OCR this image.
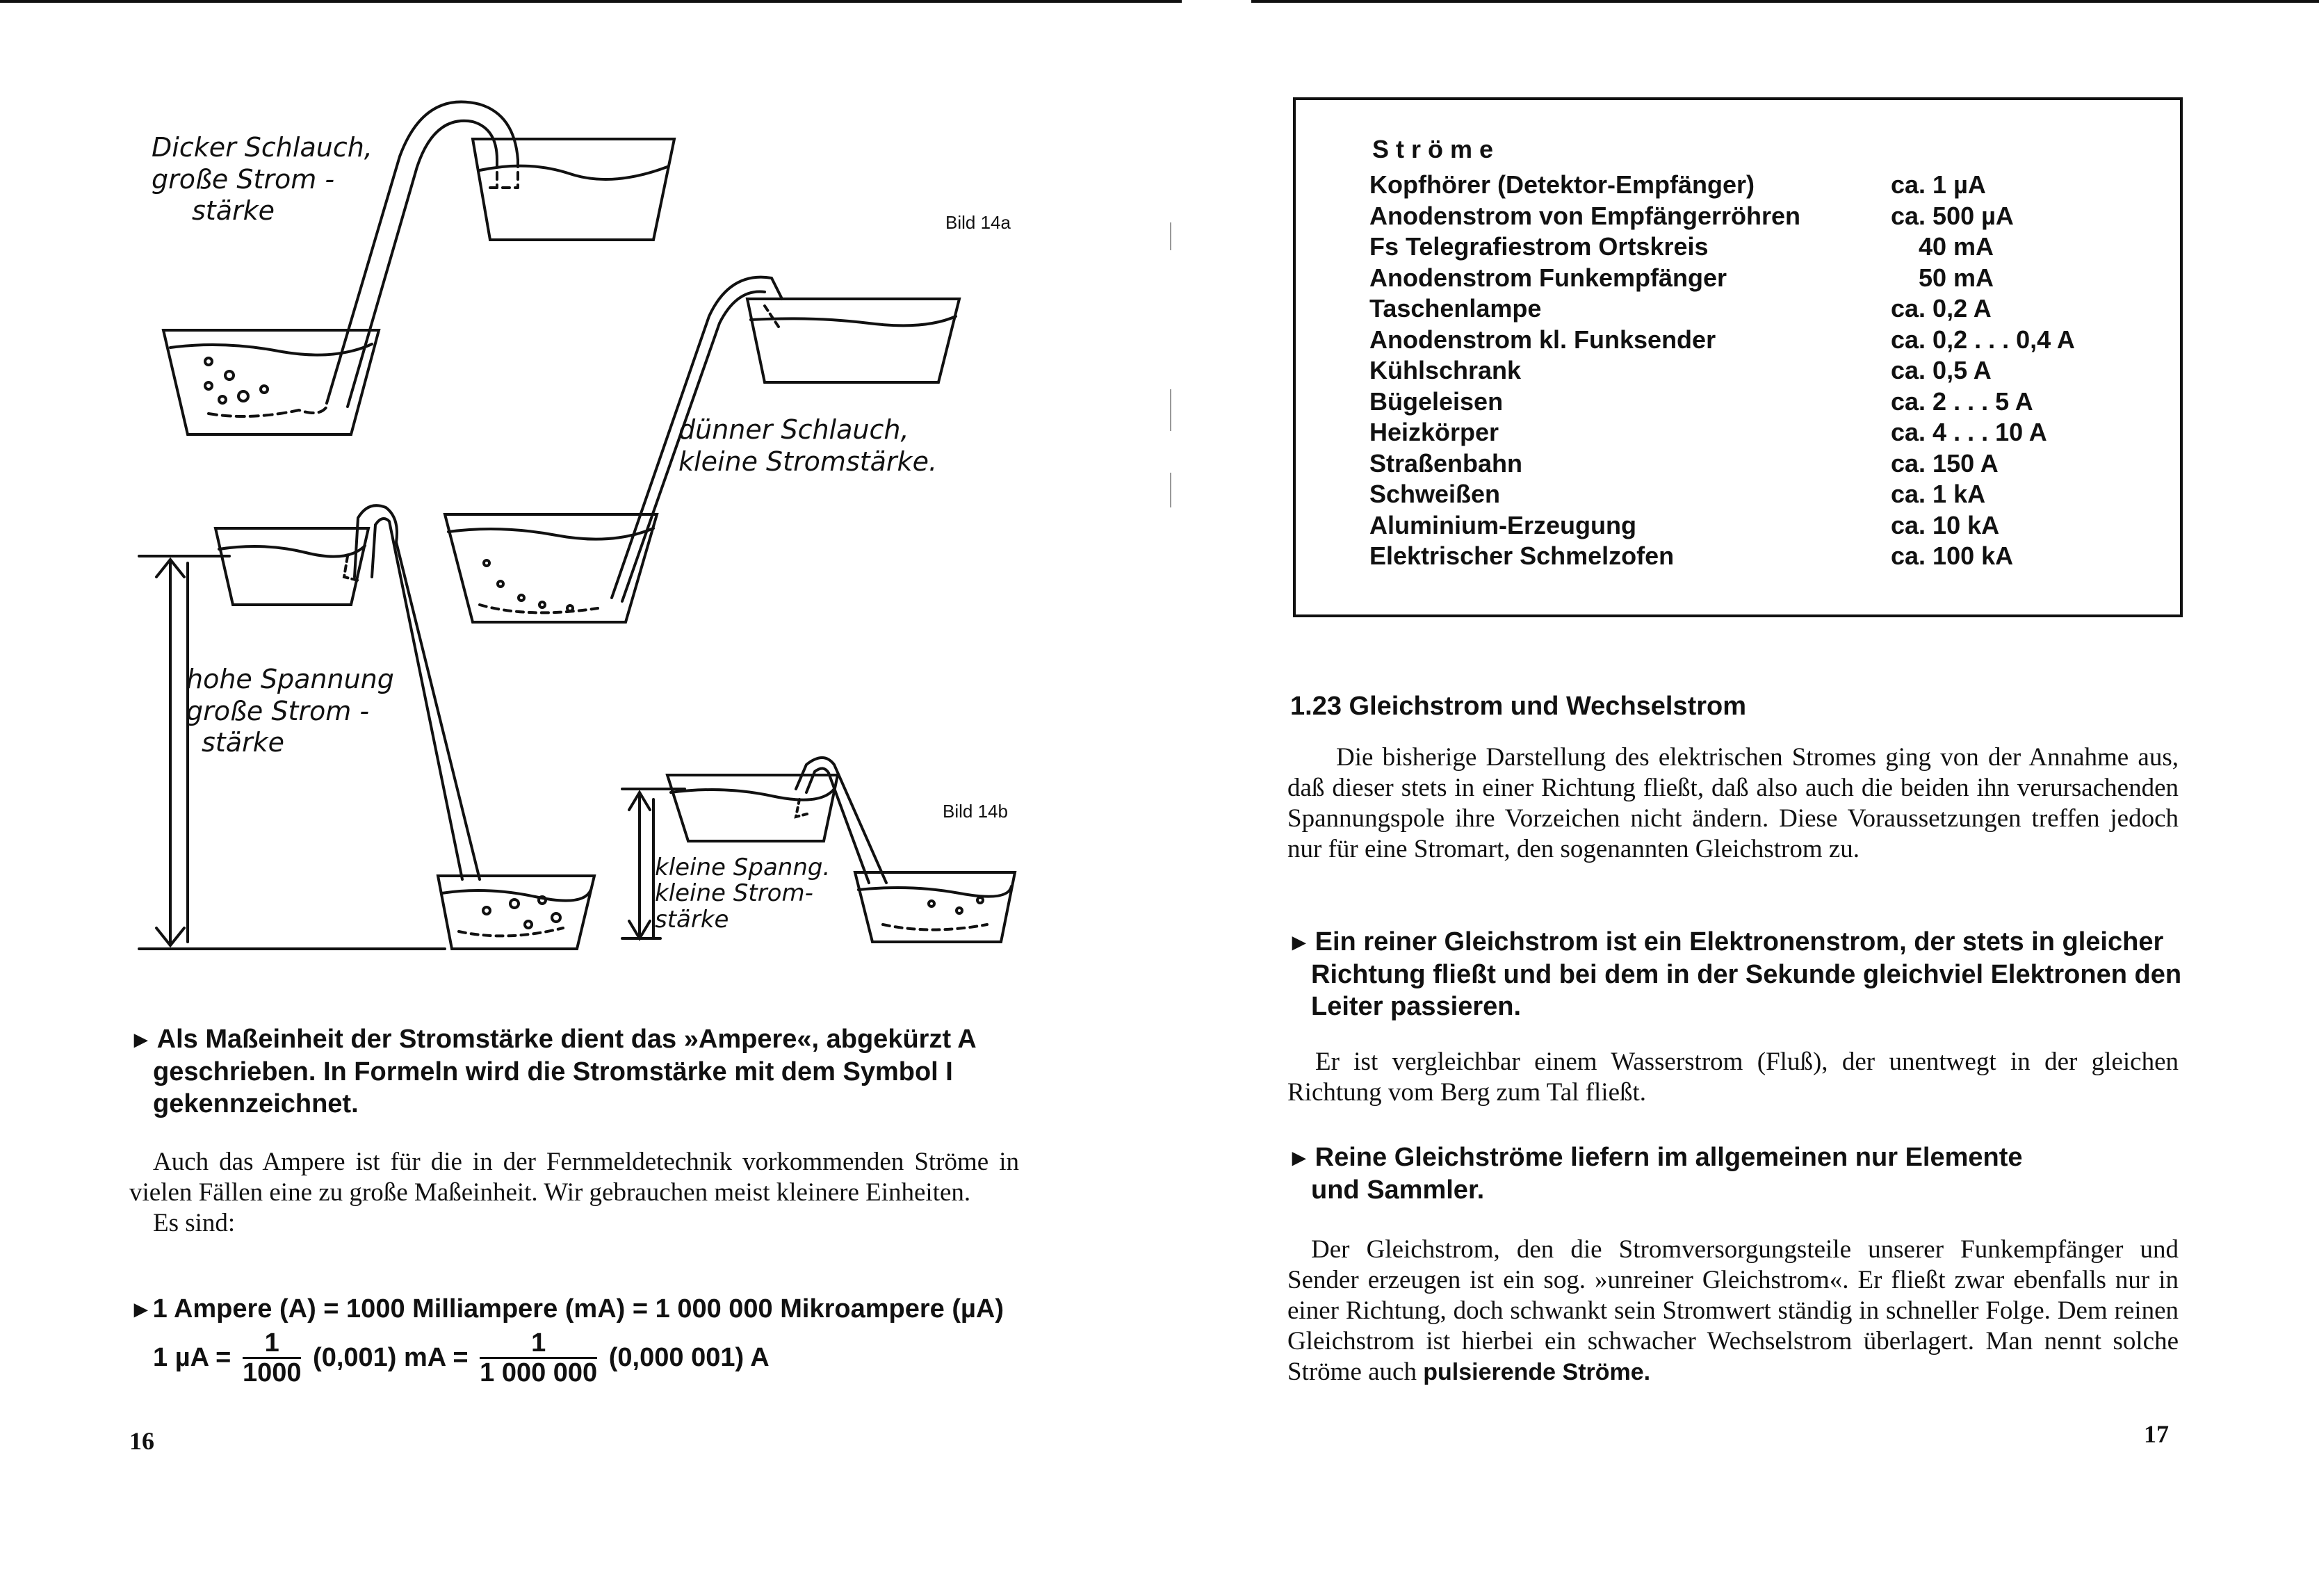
Dicker Schlauch,
große Strom -
stärke	Bild 14a
dünner Schlauch,
kleine Stromstärke.
hohe Spannung
große Strom -
stärke
Bild 14b
kleine Spanng.
kleine Strom-
stärke
► Als Maßeinheit der Stromstärke dient das »Ampere«, abgekürzt A
geschrieben. In Formeln wird die Stromstärke mit dem Symbol I
gekennzeichnet.

Auch das Ampere ist für die in der Fernmeldetechnik vorkommenden Ströme in vielen Fällen eine zu große Maßeinheit. Wir gebrauchen meist kleinere Einheiten.

Es sind:

►1 Ampere (A) = 1000 Milliampere (mA) = 1 000 000 Mikroampere (µA)
1 $\mu A = \frac{1}{1000} (0,001)$ mA = $\frac{1}{1 000 000} (0,000$ 001) A
16
Ströme
Kopfhörer (Detektor-Empfänger)	ca. 1 µA
Anodenstrom von Empfängerröhren	ca. 500 µA
Fs Telegrafiestrom Ortskreis	40 mA
Anodenstrom Funkempfänger	50 mA
Taschenlampe	ca. 0,2 A
Anodenstrom kl. Funksender	ca. 0,2 . . . 0,4 A
Kühlschrank	ca. 0,5 A
Bügeleisen	ca. 2 . . . 5 A
Heizkörper	ca. 4 . . . 10 A
Straßenbahn	ca. 150 A
Schweißen	ca. 1 kA
Aluminium-Erzeugung	ca. 10 kA
Elektrischer Schmelzofen	ca. 100 kA
1.23 Gleichstrom und Wechselstrom

Die bisherige Darstellung des elektrischen Stromes ging von der Annahme aus, daß dieser stets in einer Richtung fließt, daß also auch die beiden ihn verursachenden Spannungspole ihre Vorzeichen nicht ändern. Diese Voraussetzungen treffen jedoch nur für eine Stromart, den sogenannten Gleichstrom zu.

► Ein reiner Gleichstrom ist ein Elektronenstrom, der stets in gleicher
Richtung fließt und bei dem in der Sekunde gleichviel Elektronen den
Leiter passieren.

Er ist vergleichbar einem Wasserstrom (Fluß), der unentwegt in der gleichen Richtung vom Berg zum Tal fließt.

► Reine Gleichströme liefern im allgemeinen nur Elemente
und Sammler.

Der Gleichstrom, den die Stromversorgungsteile unserer Funkempfänger und Sender erzeugen ist ein sog. »unreiner Gleichstrom«. Er fließt zwar ebenfalls nur in einer Richtung, doch schwankt sein Stromwert ständig in schneller Folge. Dem reinen Gleichstrom ist hierbei ein schwacher Wechselstrom überlagert. Man nennt solche Ströme auch pulsierende Ströme.

17
